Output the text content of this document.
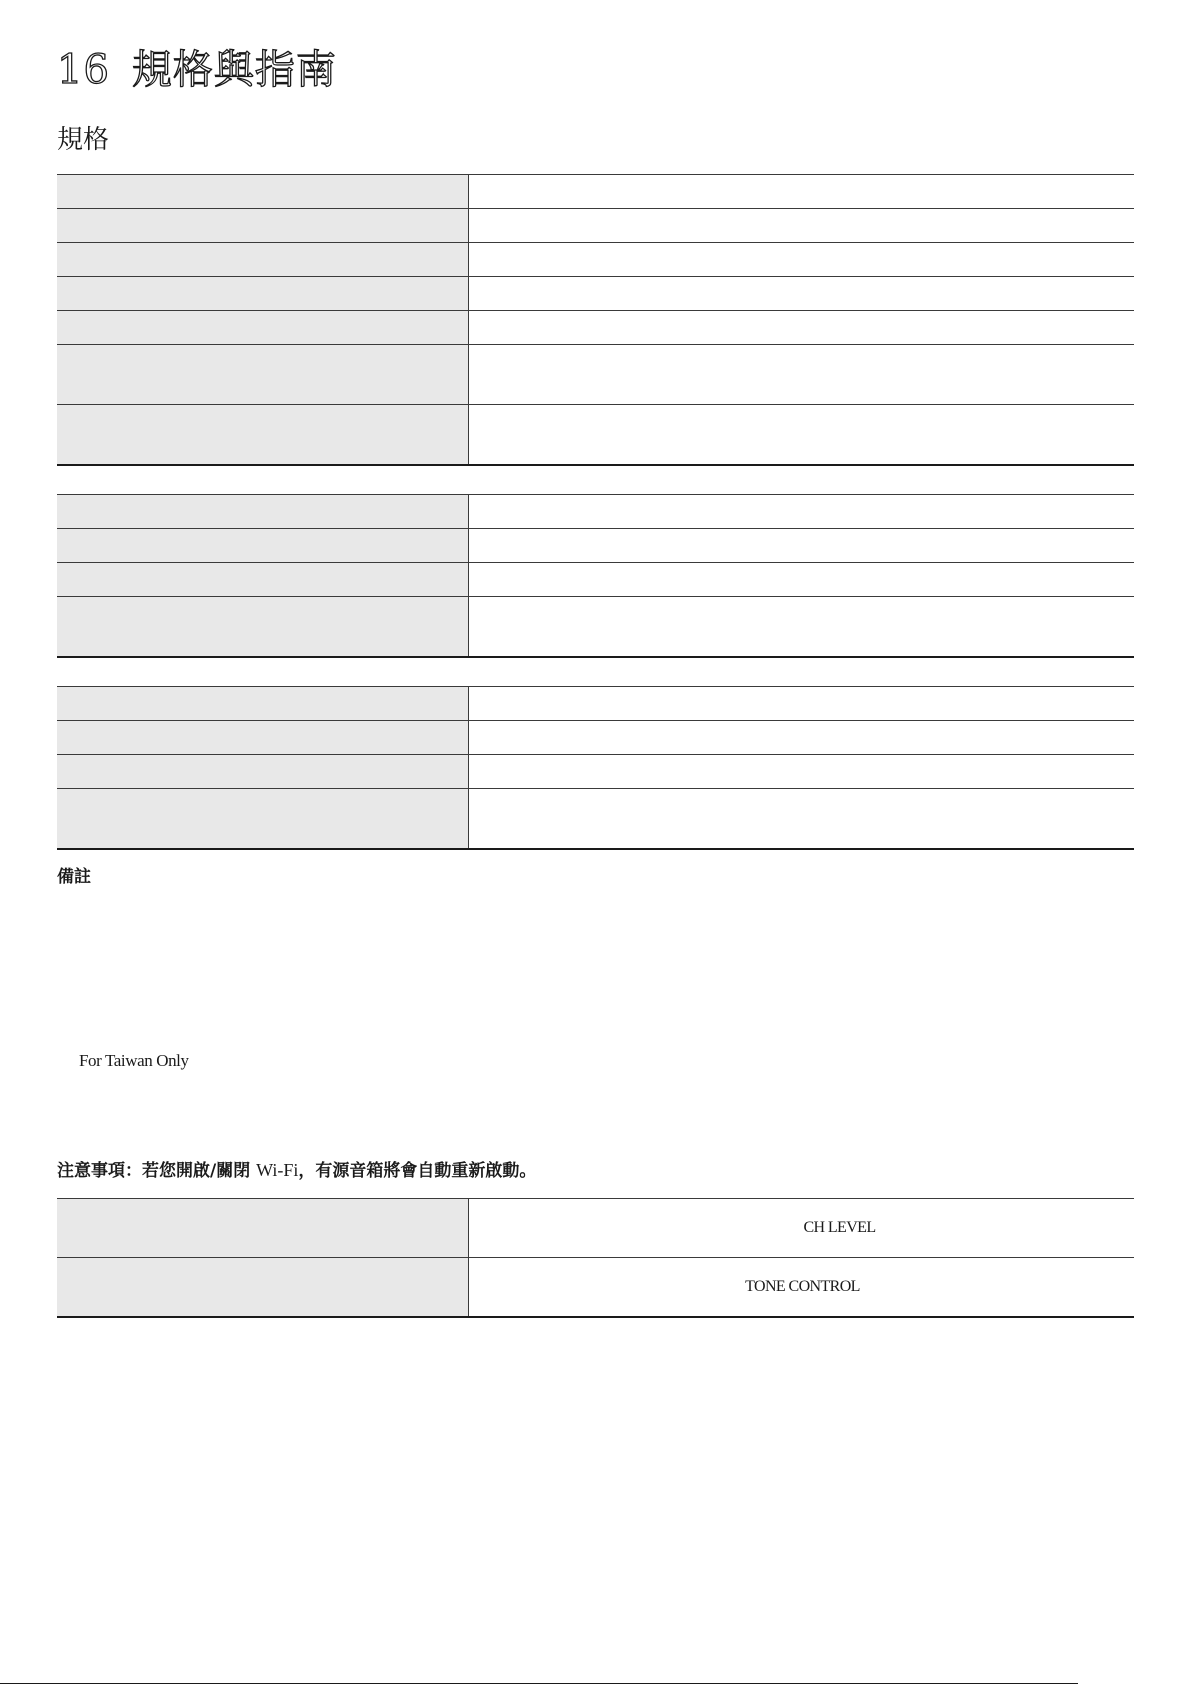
16 規格與指南
規格

備註

For Taiwan Only

注意事項：若您開啟/關閉 Wi-Fi，有源音箱將會自動重新啟動。

	CH LEVEL
	TONE CONTROL
